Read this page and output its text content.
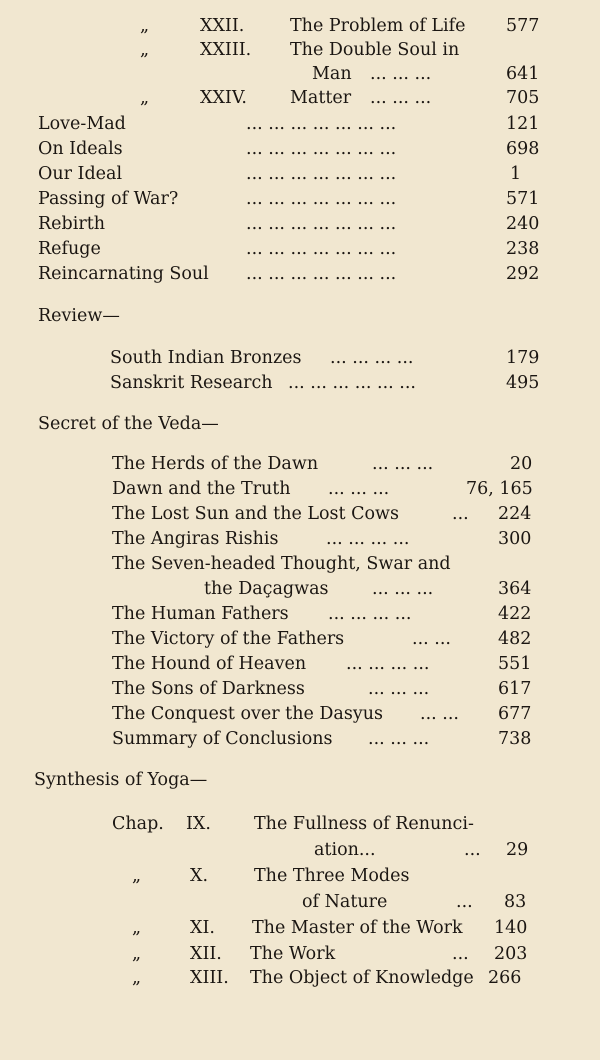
„	XXII.	The Problem of Life 577
„	XXIII. The Double Soul in
Man ... ... ...	641
„	XXIV. Matter ... ... ...	705
Love-Mad	... ... ... ... ... ... ...	121
On Ideals	... ... ... ... ... ... ...	698
Our Ideal	... ... ... ... ... ... ...	1
Passing of War?	... ... ... ... ... ... ...	571
Rebirth	... ... ... ... ... ... ...	240
Refuge	... ... ... ... ... ... ...	238
Reincarnating Soul ... ... ... ... ... ... ...	292
Review—
South Indian Bronzes ... ... ... ...	179
Sanskrit Research ... ... ... ... ... ...	495
Secret of the Veda—
The Herds of the Dawn	... ... ...	20
Dawn and the Truth ... ... ...	76, 165
The Lost Sun and the Lost Cows	... 224
The Angiras Rishis	... ... ... ...	300
The Seven-headed Thought, Swar and
the Daçagwas ... ... ...	364
The Human Fathers ... ... ... ...	422
The Victory of the Fathers	... ...	482
The Hound of Heaven ... ... ... ...	551
The Sons of Darkness	... ... ...	617
The Conquest over the Dasyus ... ... 677
Summary of Conclusions ... ... ...	738
Synthesis of Yoga—
Chap. IX. The Fullness of Renunci-
ation...	... 29
„	X.	The Three Modes
of Nature	... 83
„	XI. The Master of the Work 140
„	XII. The Work	... 203
„	XIII. The Object of Knowledge 266
